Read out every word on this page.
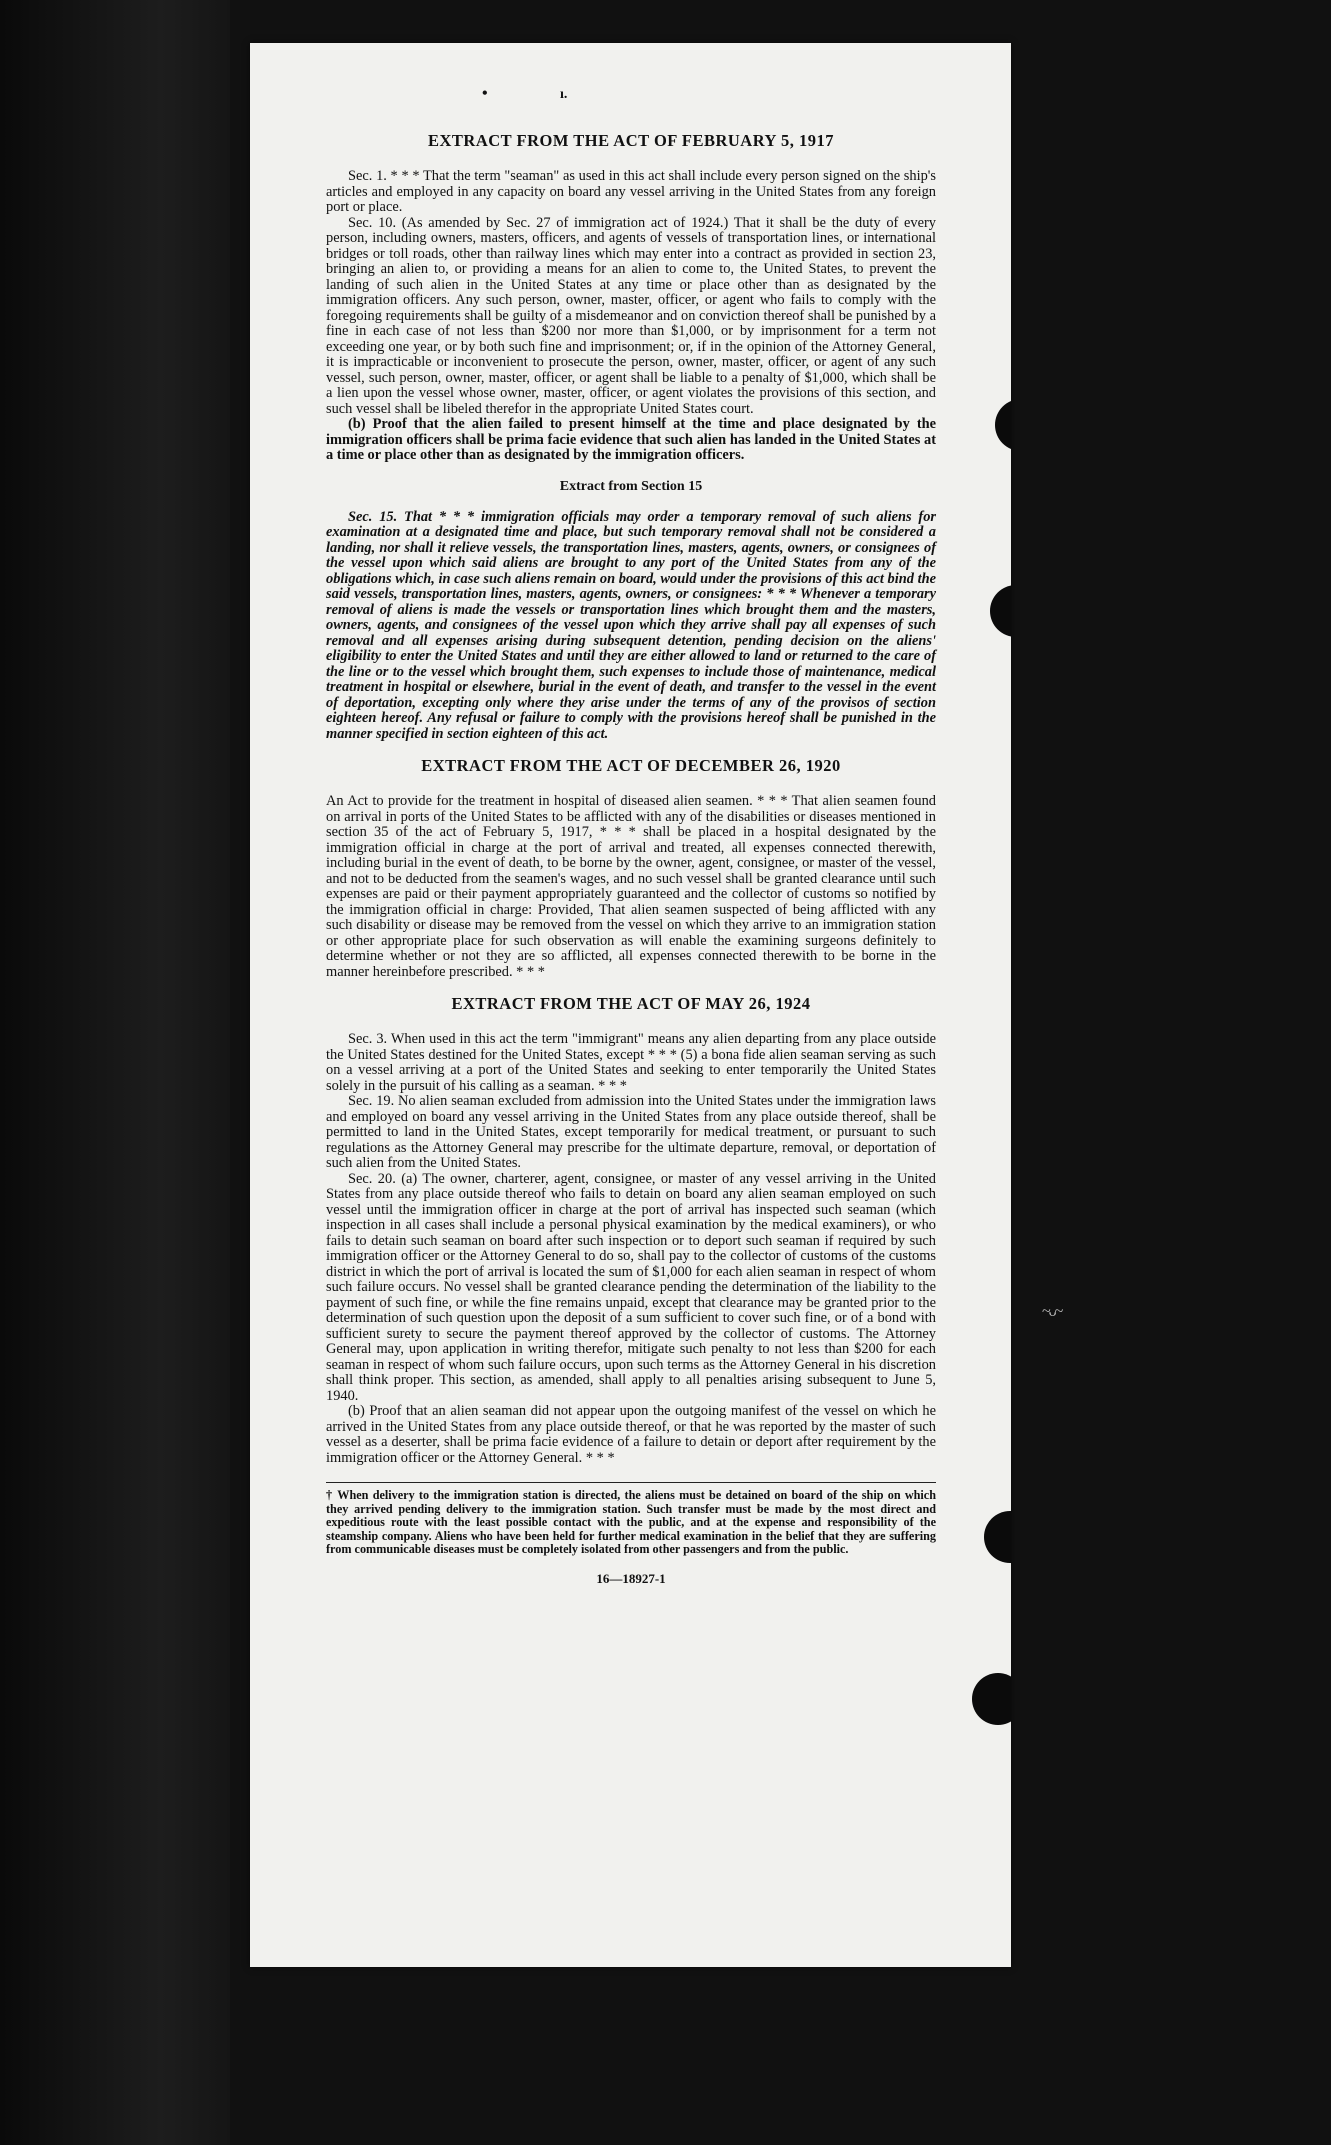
•	ı.
EXTRACT FROM THE ACT OF FEBRUARY 5, 1917

Sec. 1. * * * That the term "seaman" as used in this act shall include every person signed on the ship's articles and employed in any capacity on board any vessel arriving in the United States from any foreign port or place.

Sec. 10. (As amended by Sec. 27 of immigration act of 1924.) That it shall be the duty of every person, including owners, masters, officers, and agents of vessels of transportation lines, or international bridges or toll roads, other than railway lines which may enter into a contract as provided in section 23, bringing an alien to, or providing a means for an alien to come to, the United States, to prevent the landing of such alien in the United States at any time or place other than as designated by the immigration officers. Any such person, owner, master, officer, or agent who fails to comply with the foregoing requirements shall be guilty of a misdemeanor and on conviction thereof shall be punished by a fine in each case of not less than $200 nor more than $1,000, or by imprisonment for a term not exceeding one year, or by both such fine and imprisonment; or, if in the opinion of the Attorney General, it is impracticable or inconvenient to prosecute the person, owner, master, officer, or agent of any such vessel, such person, owner, master, officer, or agent shall be liable to a penalty of $1,000, which shall be a lien upon the vessel whose owner, master, officer, or agent violates the provisions of this section, and such vessel shall be libeled therefor in the appropriate United States court.

(b) Proof that the alien failed to present himself at the time and place designated by the immigration officers shall be prima facie evidence that such alien has landed in the United States at a time or place other than as designated by the immigration officers.

Extract from Section 15

Sec. 15. That * * * immigration officials may order a temporary removal of such aliens for examination at a designated time and place, but such temporary removal shall not be considered a landing, nor shall it relieve vessels, the transportation lines, masters, agents, owners, or consignees of the vessel upon which said aliens are brought to any port of the United States from any of the obligations which, in case such aliens remain on board, would under the provisions of this act bind the said vessels, transportation lines, masters, agents, owners, or consignees: * * * Whenever a temporary removal of aliens is made the vessels or transportation lines which brought them and the masters, owners, agents, and consignees of the vessel upon which they arrive shall pay all expenses of such removal and all expenses arising during subsequent detention, pending decision on the aliens' eligibility to enter the United States and until they are either allowed to land or returned to the care of the line or to the vessel which brought them, such expenses to include those of maintenance, medical treatment in hospital or elsewhere, burial in the event of death, and transfer to the vessel in the event of deportation, excepting only where they arise under the terms of any of the provisos of section eighteen hereof. Any refusal or failure to comply with the provisions hereof shall be punished in the manner specified in section eighteen of this act.

EXTRACT FROM THE ACT OF DECEMBER 26, 1920

An Act to provide for the treatment in hospital of diseased alien seamen. * * * That alien seamen found on arrival in ports of the United States to be afflicted with any of the disabilities or diseases mentioned in section 35 of the act of February 5, 1917, * * * shall be placed in a hospital designated by the immigration official in charge at the port of arrival and treated, all expenses connected therewith, including burial in the event of death, to be borne by the owner, agent, consignee, or master of the vessel, and not to be deducted from the seamen's wages, and no such vessel shall be granted clearance until such expenses are paid or their payment appropriately guaranteed and the collector of customs so notified by the immigration official in charge: Provided, That alien seamen suspected of being afflicted with any such disability or disease may be removed from the vessel on which they arrive to an immigration station or other appropriate place for such observation as will enable the examining surgeons definitely to determine whether or not they are so afflicted, all expenses connected therewith to be borne in the manner hereinbefore prescribed. * * *

EXTRACT FROM THE ACT OF MAY 26, 1924

Sec. 3. When used in this act the term "immigrant" means any alien departing from any place outside the United States destined for the United States, except * * * (5) a bona fide alien seaman serving as such on a vessel arriving at a port of the United States and seeking to enter temporarily the United States solely in the pursuit of his calling as a seaman. * * *

Sec. 19. No alien seaman excluded from admission into the United States under the immigration laws and employed on board any vessel arriving in the United States from any place outside thereof, shall be permitted to land in the United States, except temporarily for medical treatment, or pursuant to such regulations as the Attorney General may prescribe for the ultimate departure, removal, or deportation of such alien from the United States.

Sec. 20. (a) The owner, charterer, agent, consignee, or master of any vessel arriving in the United States from any place outside thereof who fails to detain on board any alien seaman employed on such vessel until the immigration officer in charge at the port of arrival has inspected such seaman (which inspection in all cases shall include a personal physical examination by the medical examiners), or who fails to detain such seaman on board after such inspection or to deport such seaman if required by such immigration officer or the Attorney General to do so, shall pay to the collector of customs of the customs district in which the port of arrival is located the sum of $1,000 for each alien seaman in respect of whom such failure occurs. No vessel shall be granted clearance pending the determination of the liability to the payment of such fine, or while the fine remains unpaid, except that clearance may be granted prior to the determination of such question upon the deposit of a sum sufficient to cover such fine, or of a bond with sufficient surety to secure the payment thereof approved by the collector of customs. The Attorney General may, upon application in writing therefor, mitigate such penalty to not less than $200 for each seaman in respect of whom such failure occurs, upon such terms as the Attorney General in his discretion shall think proper. This section, as amended, shall apply to all penalties arising subsequent to June 5, 1940.

(b) Proof that an alien seaman did not appear upon the outgoing manifest of the vessel on which he arrived in the United States from any place outside thereof, or that he was reported by the master of such vessel as a deserter, shall be prima facie evidence of a failure to detain or deport after requirement by the immigration officer or the Attorney General. * * *

† When delivery to the immigration station is directed, the aliens must be detained on board of the ship on which they arrived pending delivery to the immigration station. Such transfer must be made by the most direct and expeditious route with the least possible contact with the public, and at the expense and responsibility of the steamship company. Aliens who have been held for further medical examination in the belief that they are suffering from communicable diseases must be completely isolated from other passengers and from the public.

16—18927-1
~ᴗ~
